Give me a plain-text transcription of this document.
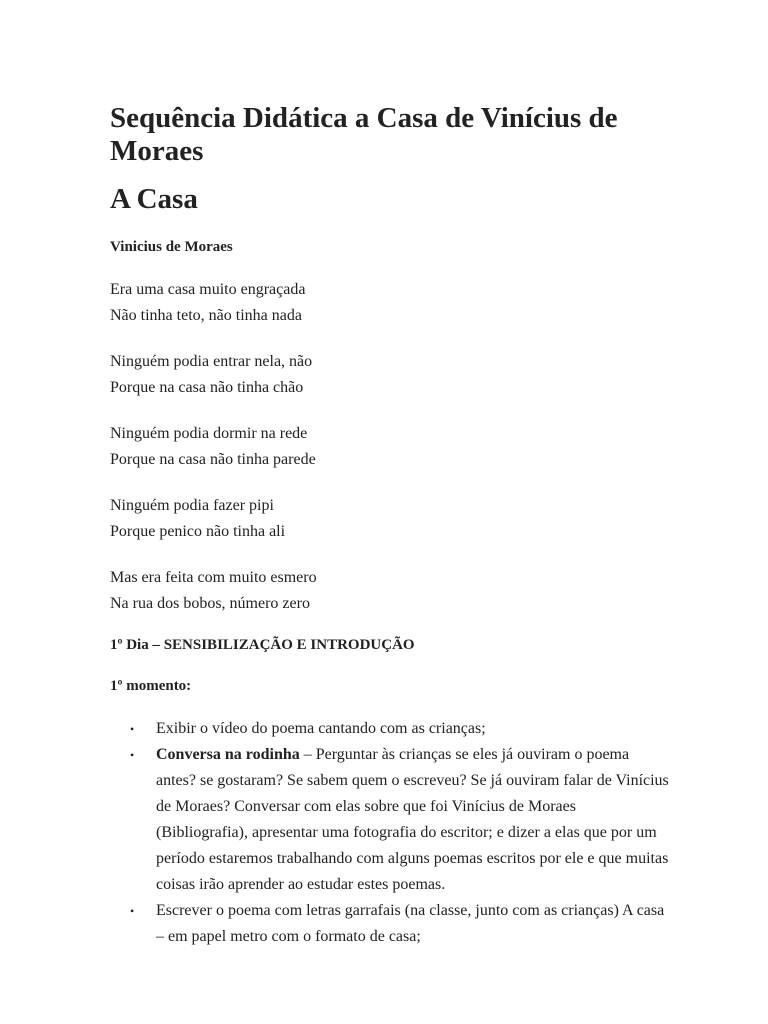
Sequência Didática a Casa de Vinícius de Moraes
A Casa
Vinicius de Moraes
Era uma casa muito engraçada
Não tinha teto, não tinha nada
Ninguém podia entrar nela, não
Porque na casa não tinha chão
Ninguém podia dormir na rede
Porque na casa não tinha parede
Ninguém podia fazer pipi
Porque penico não tinha ali
Mas era feita com muito esmero
Na rua dos bobos, número zero
1º Dia – SENSIBILIZAÇÃO E INTRODUÇÃO
1º momento:
• Exibir o vídeo do poema cantando com as crianças;
• Conversa na rodinha – Perguntar às crianças se eles já ouviram o poema antes? se gostaram? Se sabem quem o escreveu? Se já ouviram falar de Vinícius de Moraes? Conversar com elas sobre que foi Vinícius de Moraes (Bibliografia), apresentar uma fotografia do escritor; e dizer a elas que por um período estaremos trabalhando com alguns poemas escritos por ele e que muitas coisas irão aprender ao estudar estes poemas.
• Escrever o poema com letras garrafais (na classe, junto com as crianças) A casa – em papel metro com o formato de casa;
